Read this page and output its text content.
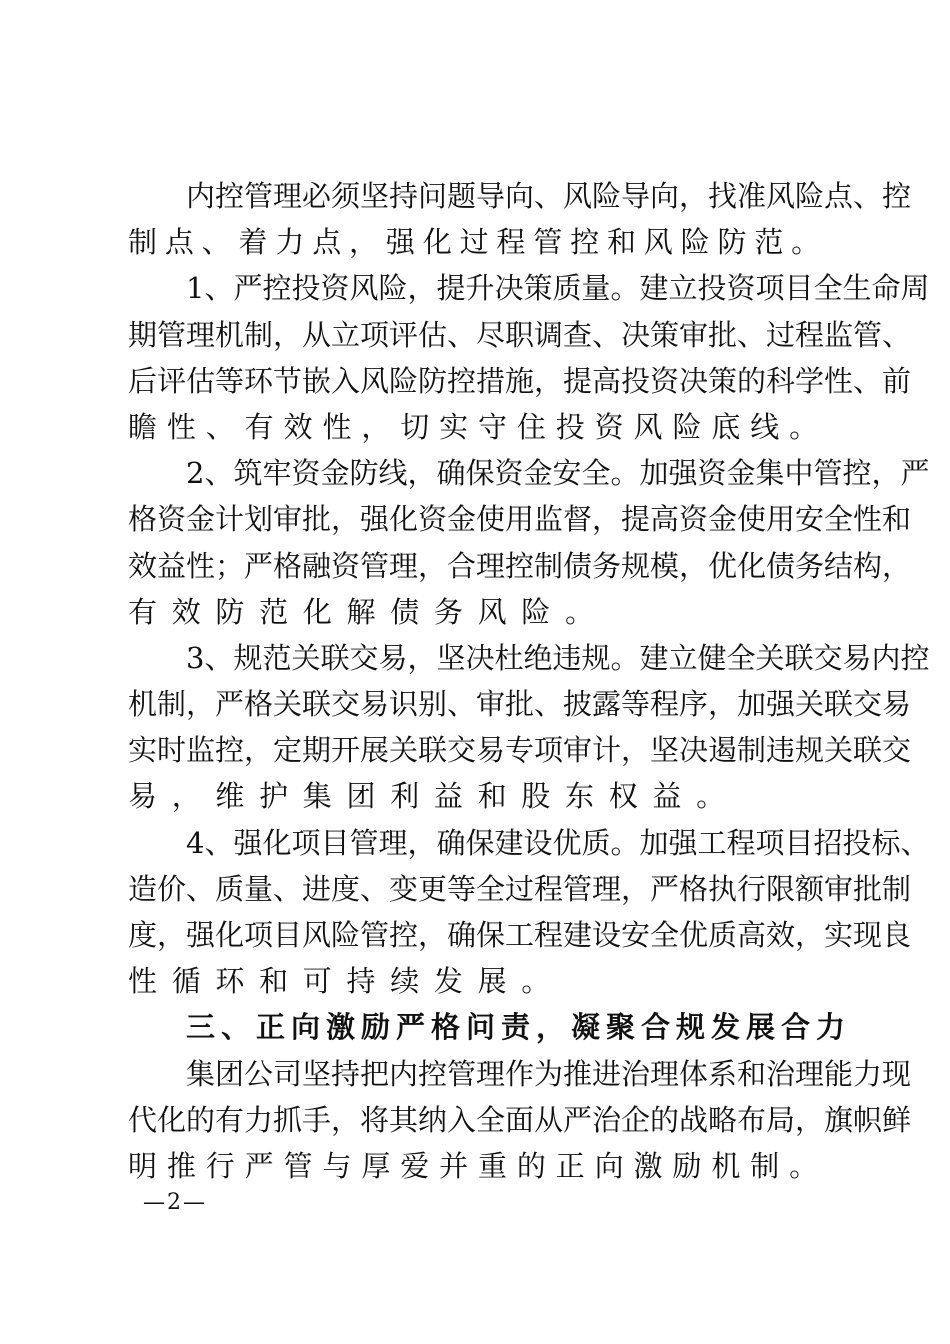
内控管理必须坚持问题导向、风险导向，找准风险点、控
制点、着力点，强化过程管控和风险防范。
1、严控投资风险，提升决策质量。建立投资项目全生命周
期管理机制，从立项评估、尽职调查、决策审批、过程监管、
后评估等环节嵌入风险防控措施，提高投资决策的科学性、前
瞻性、有效性，切实守住投资风险底线。
2、筑牢资金防线，确保资金安全。加强资金集中管控，严
格资金计划审批，强化资金使用监督，提高资金使用安全性和
效益性；严格融资管理，合理控制债务规模，优化债务结构，
有效防范化解债务风险。
3、规范关联交易，坚决杜绝违规。建立健全关联交易内控
机制，严格关联交易识别、审批、披露等程序，加强关联交易
实时监控，定期开展关联交易专项审计，坚决遏制违规关联交
易，维护集团利益和股东权益。
4、强化项目管理，确保建设优质。加强工程项目招投标、
造价、质量、进度、变更等全过程管理，严格执行限额审批制
度，强化项目风险管控，确保工程建设安全优质高效，实现良
性循环和可持续发展。
三、正向激励严格问责，凝聚合规发展合力
集团公司坚持把内控管理作为推进治理体系和治理能力现
代化的有力抓手，将其纳入全面从严治企的战略布局，旗帜鲜
明推行严管与厚爱并重的正向激励机制。
—2—
